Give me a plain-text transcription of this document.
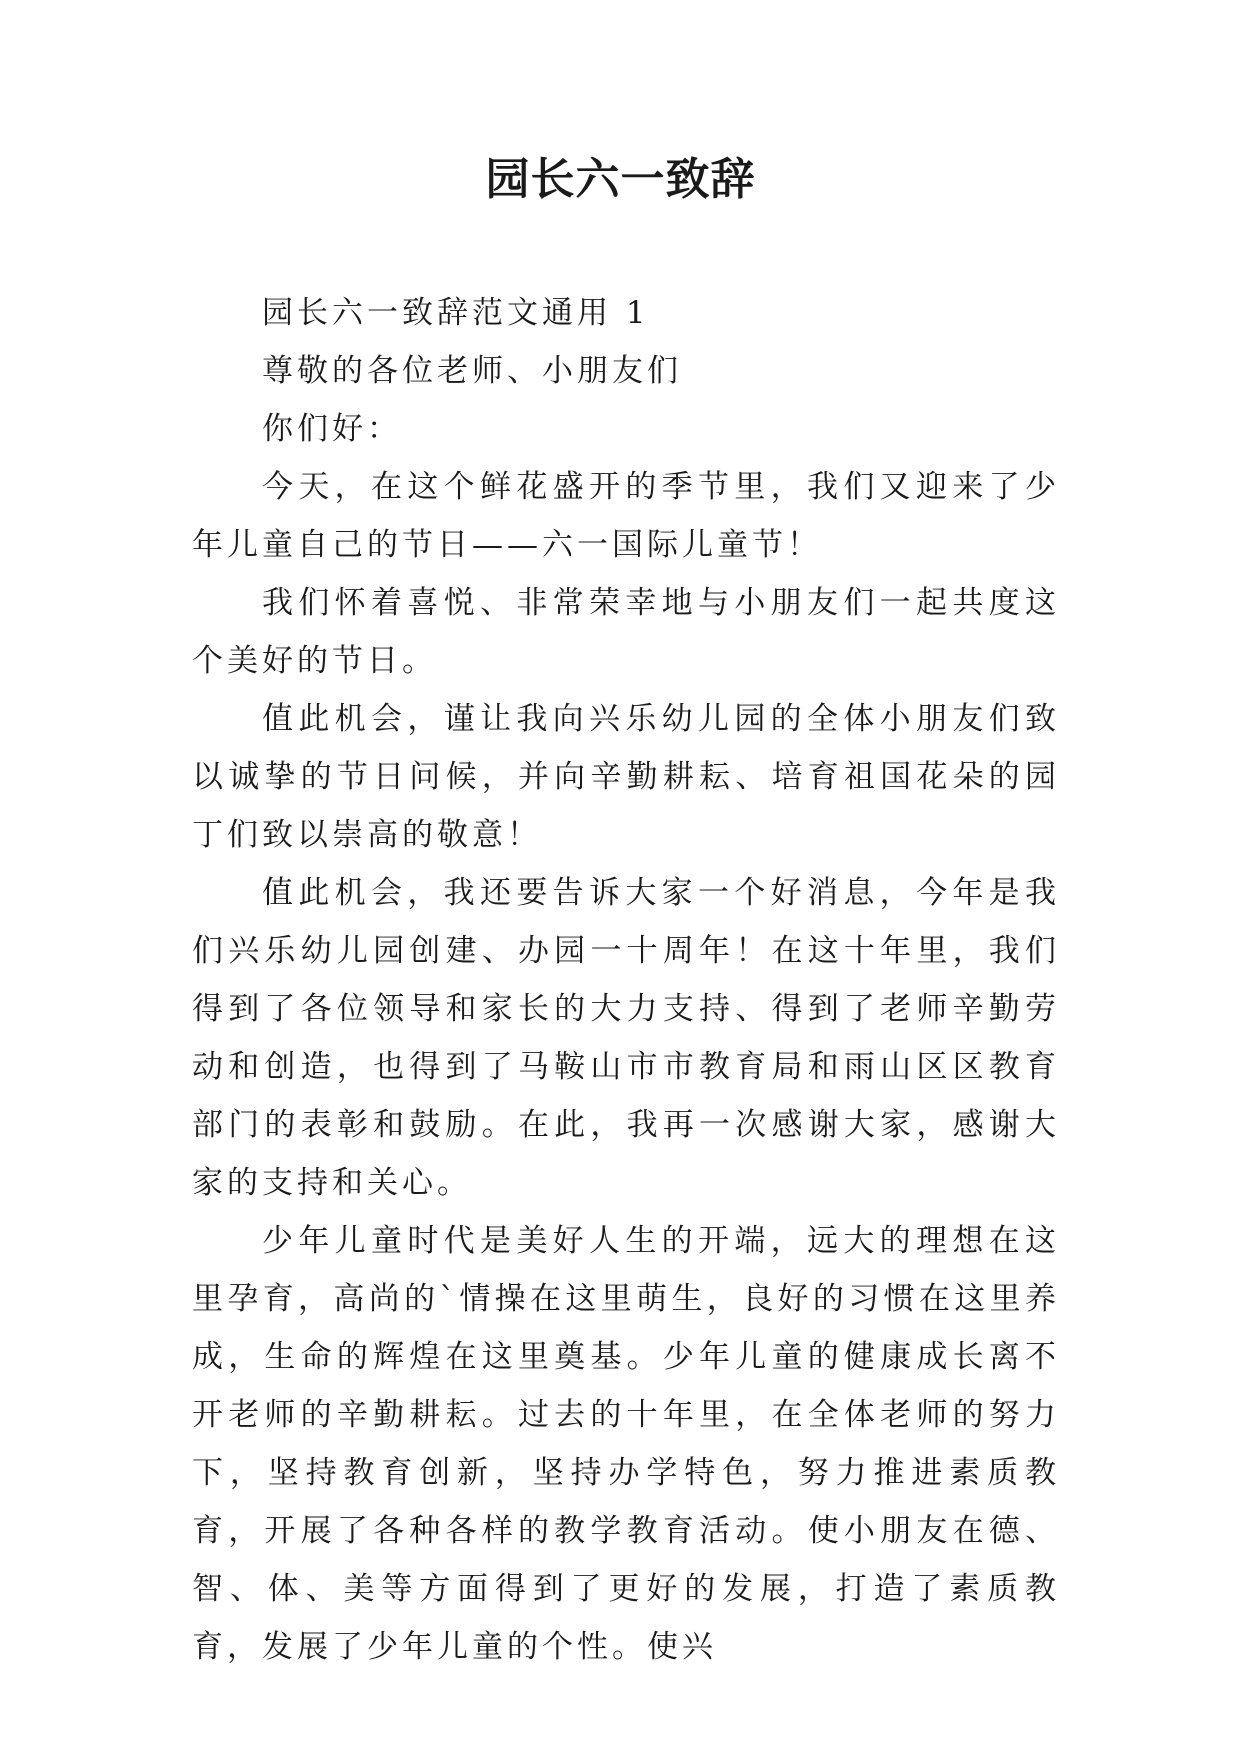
园长六一致辞

园长六一致辞范文通用 1

尊敬的各位老师、小朋友们

你们好：

今天，在这个鲜花盛开的季节里，我们又迎来了少年儿童自己的节日——六一国际儿童节！

我们怀着喜悦、非常荣幸地与小朋友们一起共度这个美好的节日。

值此机会，谨让我向兴乐幼儿园的全体小朋友们致以诚挚的节日问候，并向辛勤耕耘、培育祖国花朵的园丁们致以崇高的敬意！

值此机会，我还要告诉大家一个好消息，今年是我们兴乐幼儿园创建、办园一十周年！在这十年里，我们得到了各位领导和家长的大力支持、得到了老师辛勤劳动和创造，也得到了马鞍山市市教育局和雨山区区教育部门的表彰和鼓励。在此，我再一次感谢大家，感谢大家的支持和关心。

少年儿童时代是美好人生的开端，远大的理想在这里孕育，高尚的`情操在这里萌生，良好的习惯在这里养成，生命的辉煌在这里奠基。少年儿童的健康成长离不开老师的辛勤耕耘。过去的十年里，在全体老师的努力下，坚持教育创新，坚持办学特色，努力推进素质教育，开展了各种各样的教学教育活动。使小朋友在德、智、体、美等方面得到了更好的发展，打造了素质教育，发展了少年儿童的个性。使兴
